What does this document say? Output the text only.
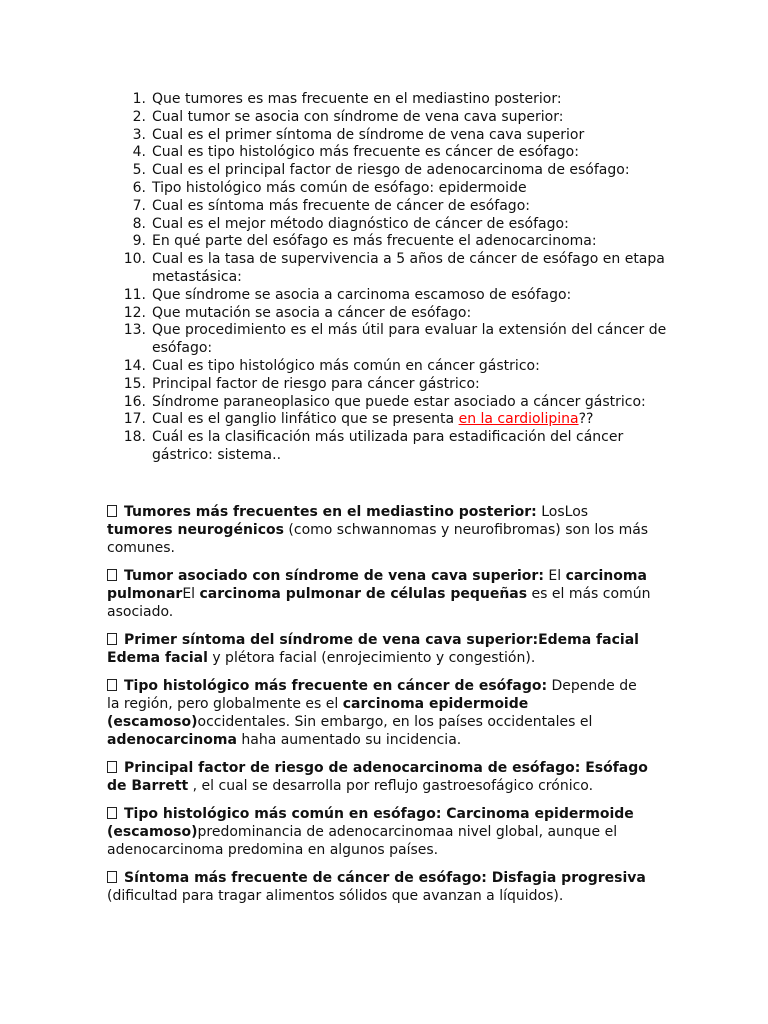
1. Que tumores es mas frecuente en el mediastino posterior:
2. Cual tumor se asocia con síndrome de vena cava superior:
3. Cual es el primer síntoma de síndrome de vena cava superior
4. Cual es tipo histológico más frecuente es cáncer de esófago:
5. Cual es el principal factor de riesgo de adenocarcinoma de esófago:
6. Tipo histológico más común de esófago: epidermoide
7. Cual es síntoma más frecuente de cáncer de esófago:
8. Cual es el mejor método diagnóstico de cáncer de esófago:
9. En qué parte del esófago es más frecuente el adenocarcinoma:
10. Cual es la tasa de supervivencia a 5 años de cáncer de esófago en etapa metastásica:
11. Que síndrome se asocia a carcinoma escamoso de esófago:
12. Que mutación se asocia a cáncer de esófago:
13. Que procedimiento es el más útil para evaluar la extensión del cáncer de esófago:
14. Cual es tipo histológico más común en cáncer gástrico:
15. Principal factor de riesgo para cáncer gástrico:
16. Síndrome paraneoplasico que puede estar asociado a cáncer gástrico:
17. Cual es el ganglio linfático que se presenta en la cardiolipina??
18. Cuál es la clasificación más utilizada para estadificación del cáncer gástrico: sistema..

Tumores más frecuentes en el mediastino posterior: LosLos tumores neurogénicos (como schwannomas y neurofibromas) son los más comunes.

Tumor asociado con síndrome de vena cava superior: El carcinoma pulmonarEl carcinoma pulmonar de células pequeñas es el más común asociado.

Primer síntoma del síndrome de vena cava superior:Edema facial Edema facial y plétora facial (enrojecimiento y congestión).

Tipo histológico más frecuente en cáncer de esófago: Depende de la región, pero globalmente es el carcinoma epidermoide (escamoso)occidentales. Sin embargo, en los países occidentales el adenocarcinoma haha aumentado su incidencia.

Principal factor de riesgo de adenocarcinoma de esófago: Esófago de Barrett , el cual se desarrolla por reflujo gastroesofágico crónico.

Tipo histológico más común en esófago: Carcinoma epidermoide (escamoso)predominancia de adenocarcinomaa nivel global, aunque el adenocarcinoma predomina en algunos países.

Síntoma más frecuente de cáncer de esófago: Disfagia progresiva (dificultad para tragar alimentos sólidos que avanzan a líquidos).
